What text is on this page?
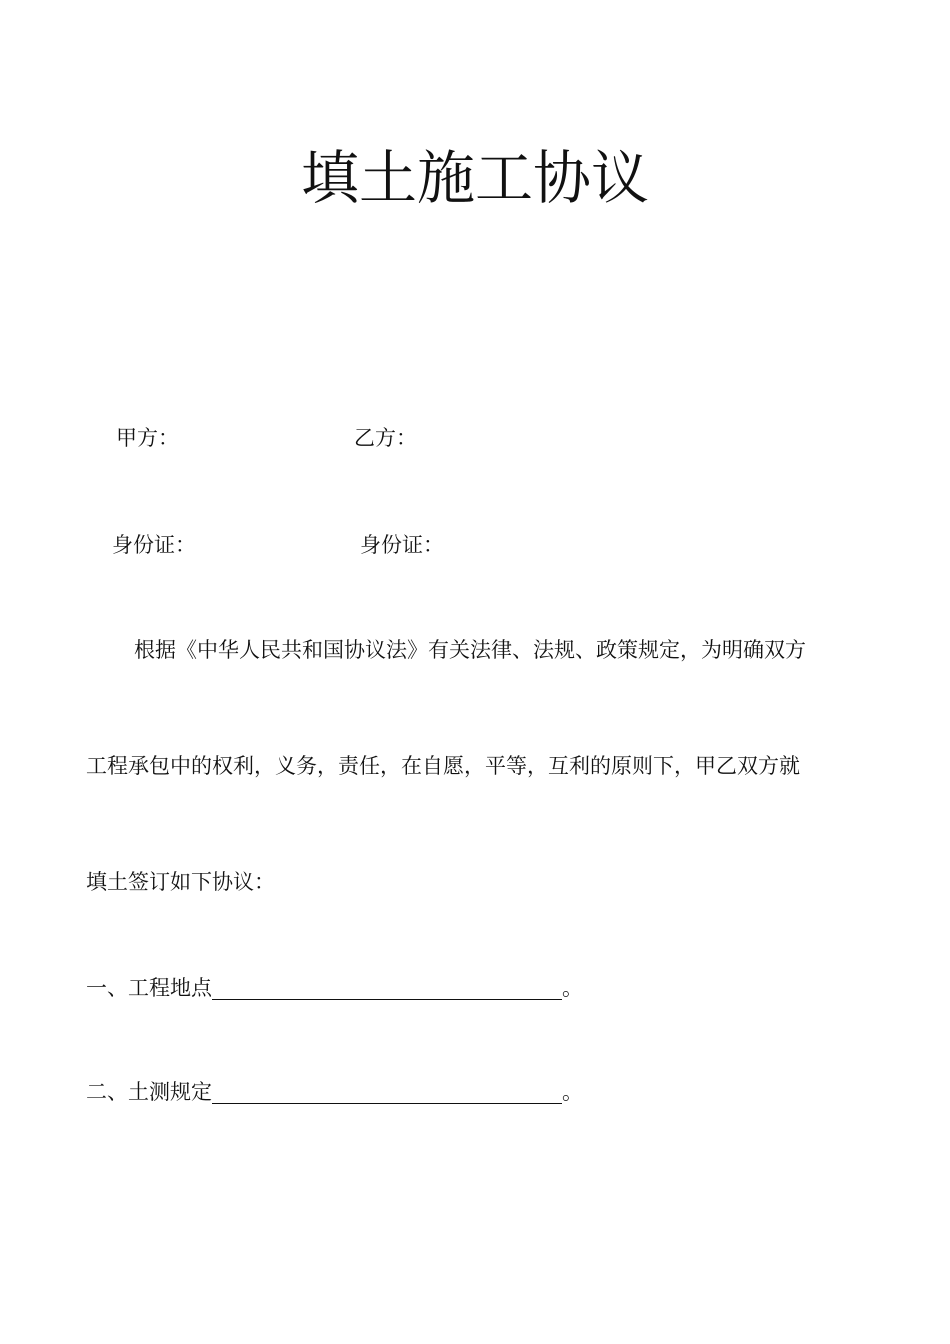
填土施工协议
甲方：	乙方：
身份证：	身份证：
根据《中华人民共和国协议法》有关法律、法规、政策规定，为明确双方
工程承包中的权利，义务，责任，在自愿，平等，互利的原则下，甲乙双方就
填土签订如下协议：
一、工程地点	。
二、土测规定	。
